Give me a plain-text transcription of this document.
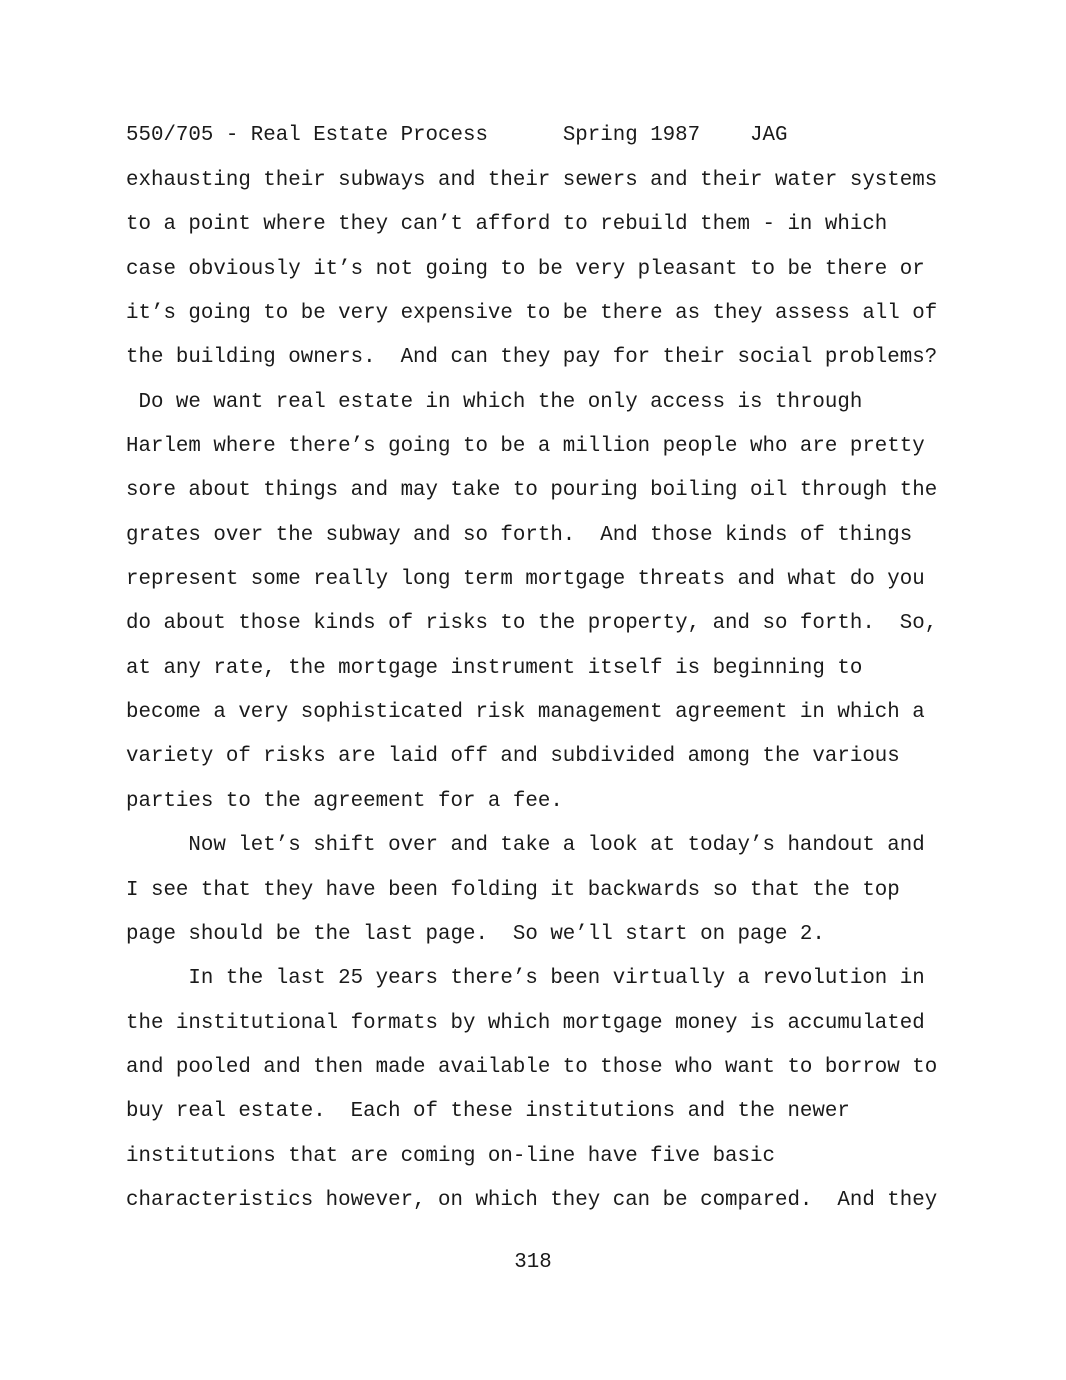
550/705 - Real Estate Process	Spring 1987 JAG
exhausting their subways and their sewers and their water systems
to a point where they can’t afford to rebuild them - in which
case obviously it’s not going to be very pleasant to be there or
it’s going to be very expensive to be there as they assess all of
the building owners.  And can they pay for their social problems?
Do we want real estate in which the only access is through
Harlem where there’s going to be a million people who are pretty
sore about things and may take to pouring boiling oil through the
grates over the subway and so forth.  And those kinds of things
represent some really long term mortgage threats and what do you
do about those kinds of risks to the property, and so forth.  So,
at any rate, the mortgage instrument itself is beginning to
become a very sophisticated risk management agreement in which a
variety of risks are laid off and subdivided among the various
parties to the agreement for a fee.
Now let’s shift over and take a look at today’s handout and
I see that they have been folding it backwards so that the top
page should be the last page.  So we’ll start on page 2.
In the last 25 years there’s been virtually a revolution in
the institutional formats by which mortgage money is accumulated
and pooled and then made available to those who want to borrow to
buy real estate.  Each of these institutions and the newer
institutions that are coming on-line have five basic
characteristics however, on which they can be compared.  And they
318
